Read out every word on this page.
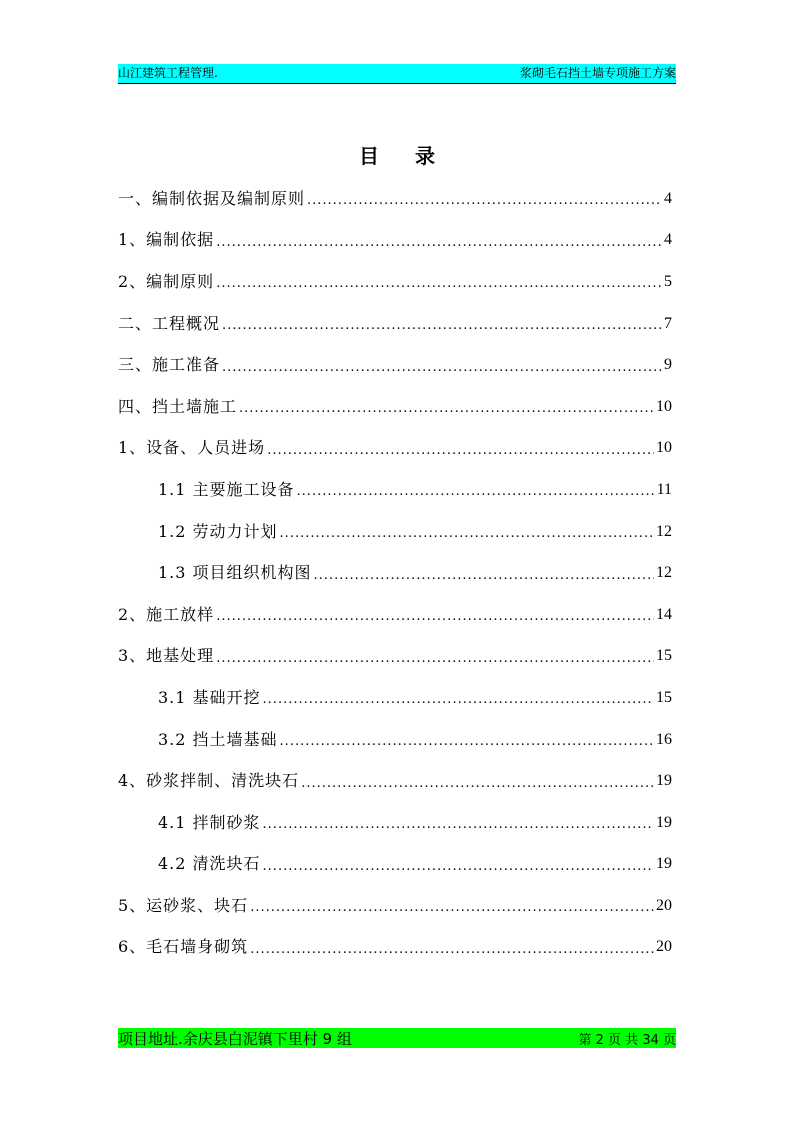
山江建筑工程管理.	浆砌毛石挡土墙专项施工方案
目录
一、编制依据及编制原则 .....	4
1、编制依据 .....	4
2、编制原则 .....	5
二、工程概况 .....	7
三、施工准备 .....	9
四、挡土墙施工 .....	10
1、设备、人员进场 .....	10
1.1 主要施工设备 .....	11
1.2 劳动力计划 .....	12
1.3 项目组织机构图 .....	12
2、施工放样 .....	14
3、地基处理 .....	15
3.1 基础开挖 .....	15
3.2 挡土墙基础 .....	16
4、砂浆拌制、清洗块石 .....	19
4.1 拌制砂浆 .....	19
4.2 清洗块石 .....	19
5、运砂浆、块石 .....	20
6、毛石墙身砌筑 .....	20
项目地址.余庆县白泥镇下里村 9 组	第 2 页 共 34 页
